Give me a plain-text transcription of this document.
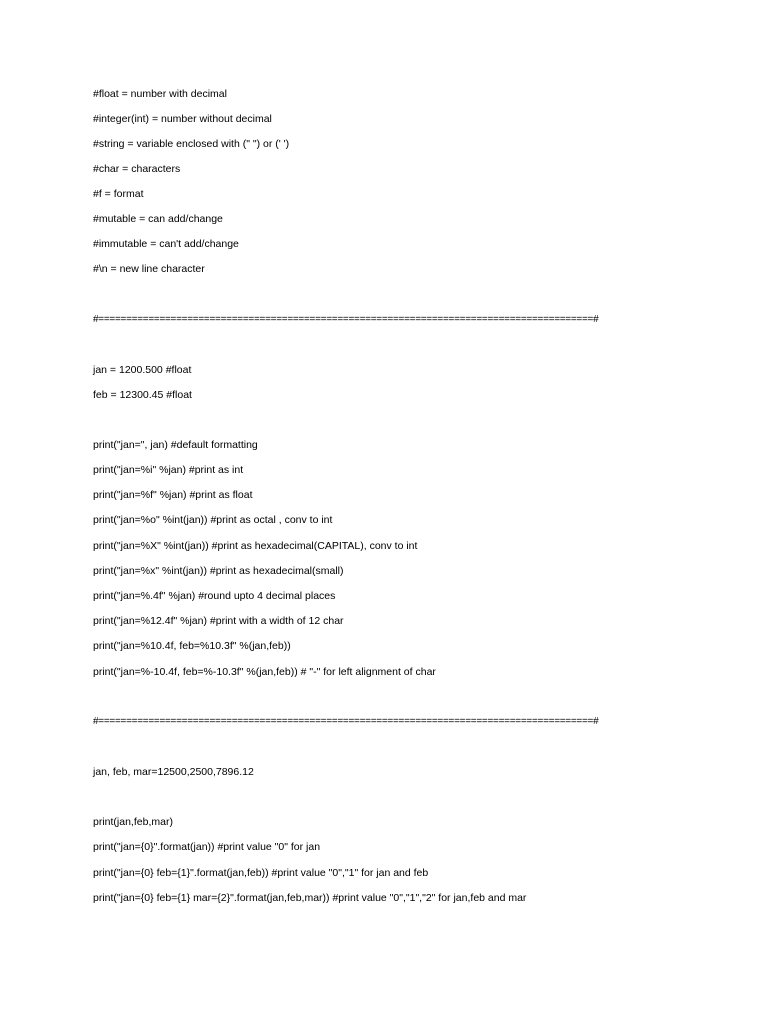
#float = number with decimal
#integer(int) = number without decimal
#string = variable enclosed with (" ") or (' ')
#char = characters
#f = format
#mutable = can add/change
#immutable = can't add/change
#\n = new line character
#=========================================================================================#
jan = 1200.500 #float
feb = 12300.45 #float
print("jan=", jan) #default formatting
print("jan=%i" %jan) #print as int
print("jan=%f" %jan) #print as float
print("jan=%o" %int(jan)) #print as octal , conv to int
print("jan=%X" %int(jan)) #print as hexadecimal(CAPITAL), conv to int
print("jan=%x" %int(jan)) #print as hexadecimal(small)
print("jan=%.4f" %jan) #round upto 4 decimal places
print("jan=%12.4f" %jan) #print with a width of 12 char
print("jan=%10.4f, feb=%10.3f" %(jan,feb))
print("jan=%-10.4f, feb=%-10.3f" %(jan,feb)) # "-" for left alignment of char
#=========================================================================================#
jan, feb, mar=12500,2500,7896.12
print(jan,feb,mar)
print("jan={0}".format(jan)) #print value "0" for jan
print("jan={0} feb={1}".format(jan,feb)) #print value "0","1" for jan and feb
print("jan={0} feb={1} mar={2}".format(jan,feb,mar)) #print value "0","1","2" for jan,feb and mar
